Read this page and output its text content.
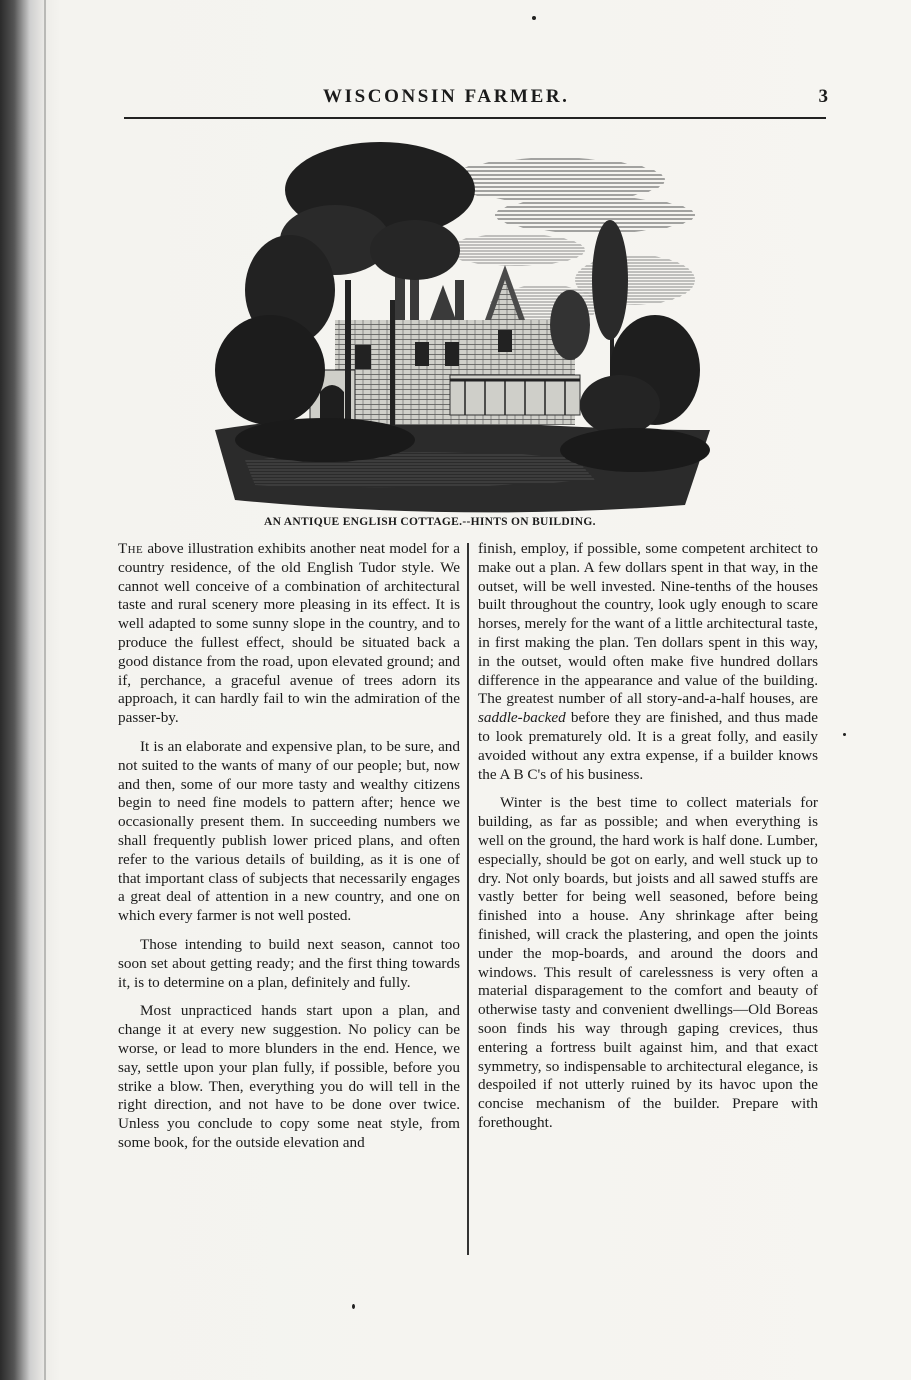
WISCONSIN FARMER.	3
AN ANTIQUE ENGLISH COTTAGE.--HINTS ON BUILDING.

The above illustration exhibits another neat model for a country residence, of the old English Tudor style. We cannot well conceive of a combination of architectural taste and rural scenery more pleasing in its effect. It is well adapted to some sunny slope in the country, and to produce the fullest effect, should be situated back a good distance from the road, upon elevated ground; and if, perchance, a graceful avenue of trees adorn its approach, it can hardly fail to win the admiration of the passer-by.

It is an elaborate and expensive plan, to be sure, and not suited to the wants of many of our people; but, now and then, some of our more tasty and wealthy citizens begin to need fine models to pattern after; hence we occasionally present them. In succeeding numbers we shall frequently publish lower priced plans, and often refer to the various details of building, as it is one of that important class of subjects that necessarily engages a great deal of attention in a new country, and one on which every farmer is not well posted.

Those intending to build next season, cannot too soon set about getting ready; and the first thing towards it, is to determine on a plan, definitely and fully.

Most unpracticed hands start upon a plan, and change it at every new suggestion. No policy can be worse, or lead to more blunders in the end. Hence, we say, settle upon your plan fully, if possible, before you strike a blow. Then, everything you do will tell in the right direction, and not have to be done over twice. Unless you conclude to copy some neat style, from some book, for the outside elevation and

finish, employ, if possible, some competent architect to make out a plan. A few dollars spent in that way, in the outset, will be well invested. Nine-tenths of the houses built throughout the country, look ugly enough to scare horses, merely for the want of a little architectural taste, in first making the plan. Ten dollars spent in this way, in the outset, would often make five hundred dollars difference in the appearance and value of the building. The greatest number of all story-and-a-half houses, are saddle-backed before they are finished, and thus made to look prematurely old. It is a great folly, and easily avoided without any extra expense, if a builder knows the A B C's of his business.

Winter is the best time to collect materials for building, as far as possible; and when everything is well on the ground, the hard work is half done. Lumber, especially, should be got on early, and well stuck up to dry. Not only boards, but joists and all sawed stuffs are vastly better for being well seasoned, before being finished into a house. Any shrinkage after being finished, will crack the plastering, and open the joints under the mop-boards, and around the doors and windows. This result of carelessness is very often a material disparagement to the comfort and beauty of otherwise tasty and convenient dwellings—Old Boreas soon finds his way through gaping crevices, thus entering a fortress built against him, and that exact symmetry, so indispensable to architectural elegance, is despoiled if not utterly ruined by its havoc upon the concise mechanism of the builder. Prepare with forethought.
